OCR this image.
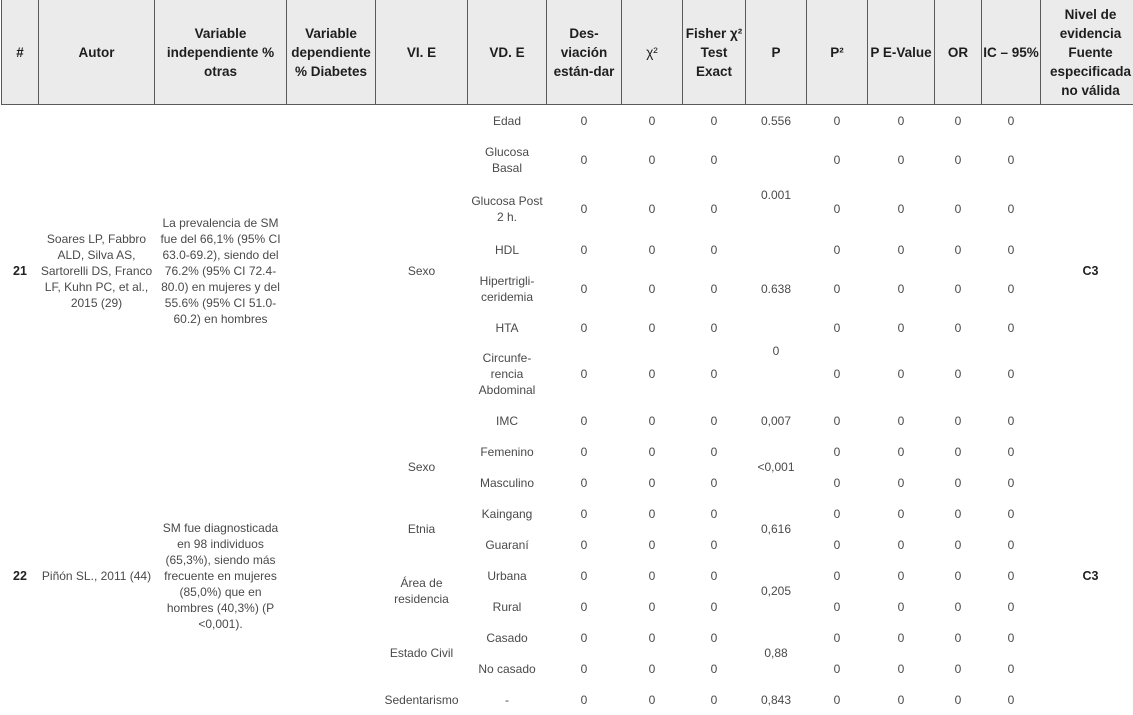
#	Autor	Variable independiente % otras	Variable dependiente % Diabetes	VI. E	VD. E	Des-viación están-dar	χ²	Fisher χ² Test Exact	P	P²	P E-Value	OR	IC – 95%	Nivel de evidencia Fuente especificada no válida
21	Soares LP, Fabbro ALD, Silva AS, Sartorelli DS, Franco LF, Kuhn PC, et al., 2015 (29)	La prevalencia de SM fue del 66,1% (95% CI 63.0-69.2), siendo del 76.2% (95% CI 72.4-80.0) en mujeres y del 55.6% (95% CI 51.0-60.2) en hombres		Sexo	Edad	0	0	0	0.556	0	0	0	0	C3
					Glucosa Basal	0	0	0		0	0	0	0	
					Glucosa Post 2 h.	0	0	0	0.001	0	0	0	0	
					HDL	0	0	0		0	0	0	0	
					Hipertrigli-ceridemia	0	0	0	0.638	0	0	0	0	
					HTA	0	0	0		0	0	0	0	
					Circunfe-rencia Abdominal	0	0	0	0	0	0	0	0	
					IMC	0	0	0	0,007	0	0	0	0	
22	Piñón SL., 2011 (44)	SM fue diagnosticada en 98 individuos (65,3%), siendo más frecuente en mujeres (85,0%) que en hombres (40,3%) (P <0,001).		Sexo	Femenino	0	0	0	<0,001	0	0	0	0	C3
					Masculino	0	0	0		0	0	0	0	
				Etnia	Kaingang	0	0	0	0,616	0	0	0	0	
					Guaraní	0	0	0		0	0	0	0	
				Área de residencia	Urbana	0	0	0	0,205	0	0	0	0	
					Rural	0	0	0		0	0	0	0	
				Estado Civil	Casado	0	0	0	0,88	0	0	0	0	
					No casado	0	0	0		0	0	0	0	
				Sedentarismo	-	0	0	0	0,843	0	0	0	0	
